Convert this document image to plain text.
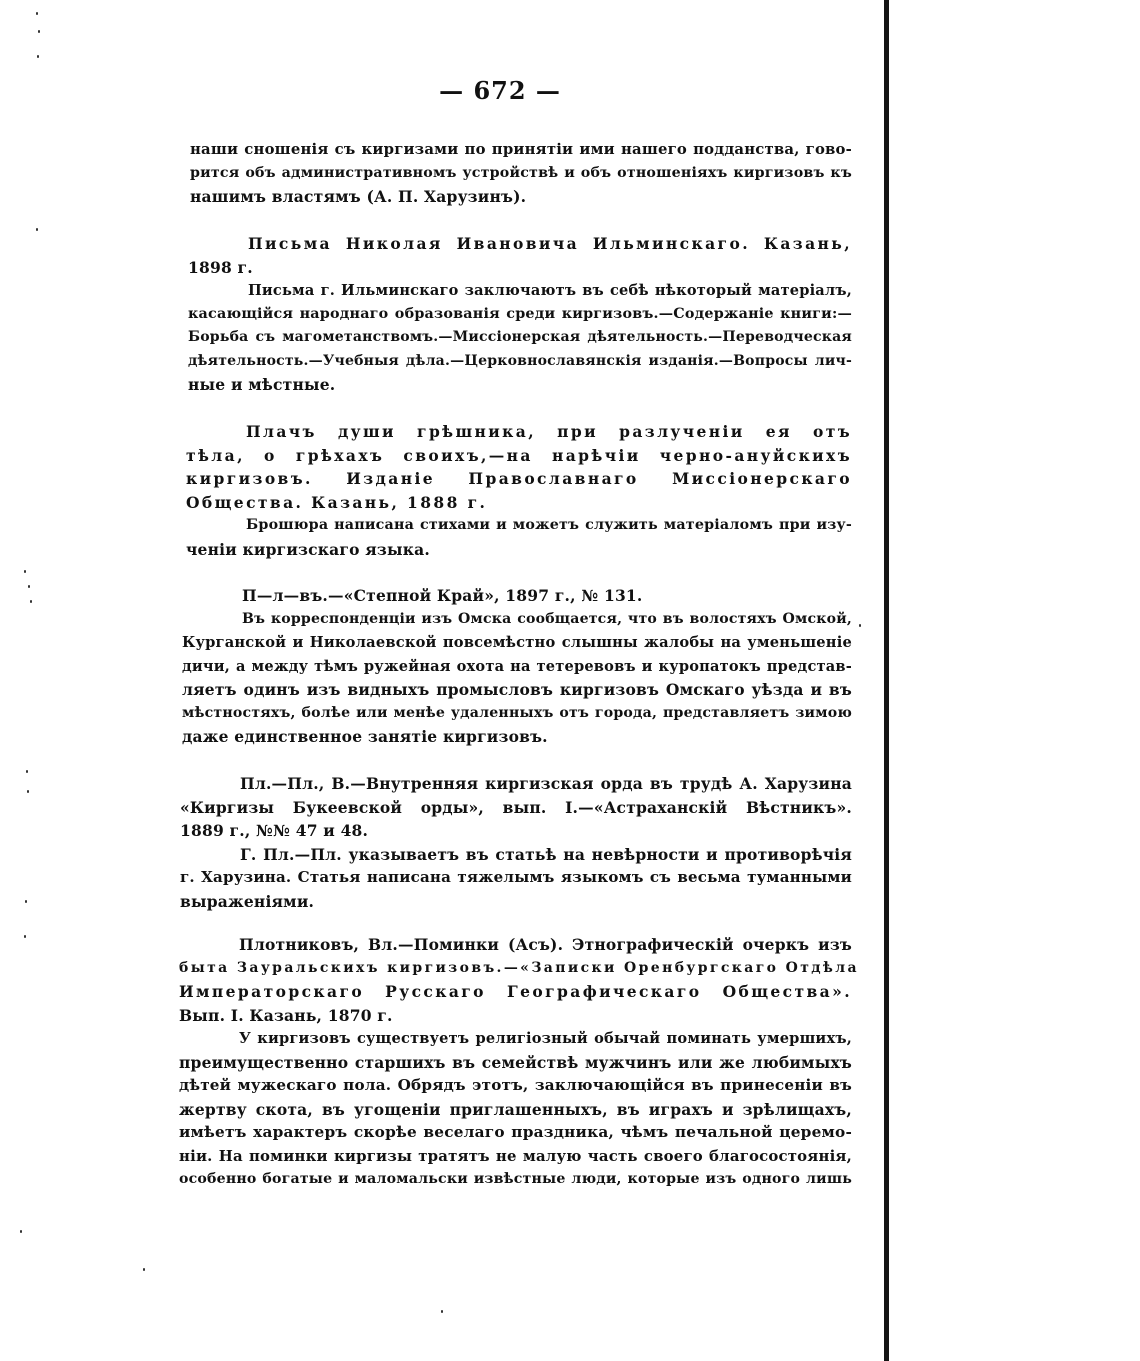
— 672 —
наши сношенія съ киргизами по принятіи ими нашего подданства, гово-
рится объ административномъ устройствѣ и объ отношеніяхъ киргизовъ къ
нашимъ властямъ (А. П. Харузинъ).
Письма Николая Ивановича Ильминскаго. Казань,
1898 г.
Письма г. Ильминскаго заключаютъ въ себѣ нѣкоторый матеріалъ,
касающійся народнаго образованія среди киргизовъ.—Содержаніе книги:—
Борьба съ магометанствомъ.—Миссіонерская дѣятельность.—Переводческая
дѣятельность.—Учебныя дѣла.—Церковнославянскія изданія.—Вопросы лич-
ные и мѣстные.
Плачъ души грѣшника, при разлученіи ея отъ
тѣла, о грѣхахъ своихъ,—на нарѣчіи черно-ануйскихъ
киргизовъ. Изданіе Православнаго Миссіонерскаго
Общества. Казань, 1888 г.
Брошюра написана стихами и можетъ служить матеріаломъ при изу-
ченіи киргизскаго языка.
П—л—въ.—«Степной Край», 1897 г., № 131.
Въ корреспонденціи изъ Омска сообщается, что въ волостяхъ Омской,
Курганской и Николаевской повсемѣстно слышны жалобы на уменьшеніе
дичи, а между тѣмъ ружейная охота на тетеревовъ и куропатокъ представ-
ляетъ одинъ изъ видныхъ промысловъ киргизовъ Омскаго уѣзда и въ
мѣстностяхъ, болѣе или менѣе удаленныхъ отъ города, представляетъ зимою
даже единственное занятіе киргизовъ.
Пл.—Пл., В.—Внутренняя киргизская орда въ трудѣ А. Харузина
«Киргизы Букеевской орды», вып. I.—«Астраханскій Вѣстникъ».
1889 г., №№ 47 и 48.
Г. Пл.—Пл. указываетъ въ статьѣ на невѣрности и противорѣчія
г. Харузина. Статья написана тяжелымъ языкомъ съ весьма туманными
выраженіями.
Плотниковъ, Вл.—Поминки (Асъ). Этнографическій очеркъ изъ
быта Зауральскихъ киргизовъ.—«Записки Оренбургскаго Отдѣла
Императорскаго Русскаго Географическаго Общества».
Вып. I. Казань, 1870 г.
У киргизовъ существуетъ религіозный обычай поминать умершихъ,
преимущественно старшихъ въ семействѣ мужчинъ или же любимыхъ
дѣтей мужескаго пола. Обрядъ этотъ, заключающійся въ принесеніи въ
жертву скота, въ угощеніи приглашенныхъ, въ играхъ и зрѣлищахъ,
имѣетъ характеръ скорѣе веселаго праздника, чѣмъ печальной церемо-
ніи. На поминки киргизы тратятъ не малую часть своего благосостоянія,
особенно богатые и маломальски извѣстные люди, которые изъ одного лишь
